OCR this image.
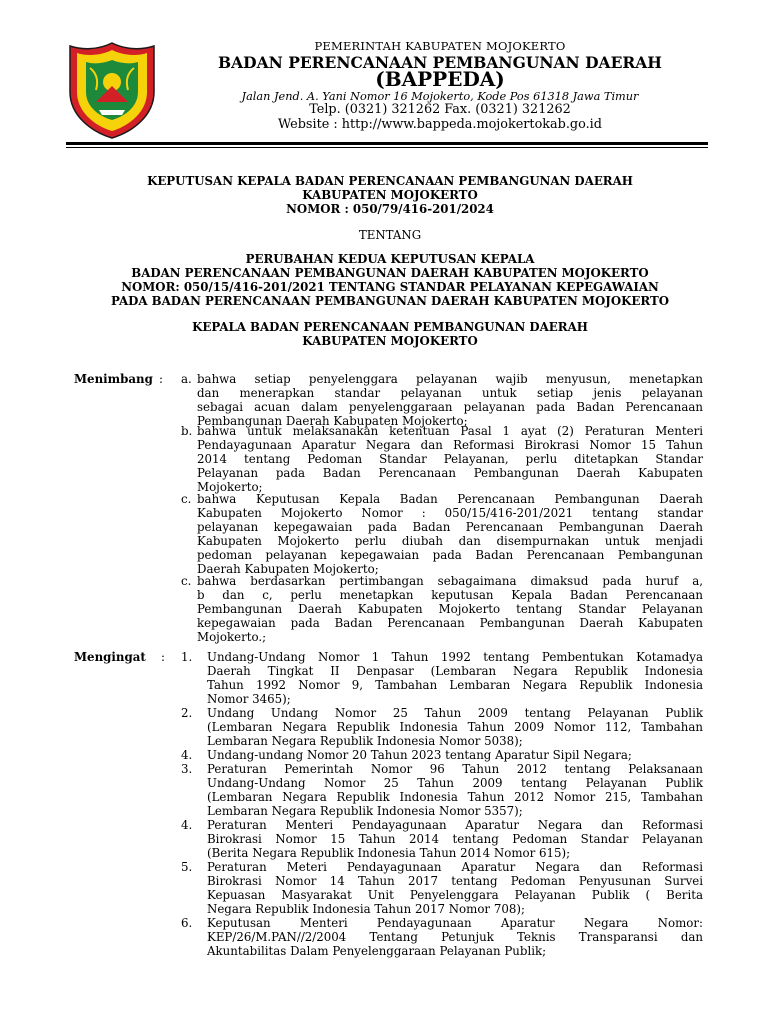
PEMERINTAH KABUPATEN MOJOKERTO
BADAN PERENCANAAN PEMBANGUNAN DAERAH
(BAPPEDA)
Jalan Jend. A. Yani Nomor 16 Mojokerto, Kode Pos 61318 Jawa Timur
Telp. (0321) 321262 Fax. (0321) 321262
Website : http://www.bappeda.mojokertokab.go.id
KEPUTUSAN KEPALA BADAN PERENCANAAN PEMBANGUNAN DAERAH
KABUPATEN MOJOKERTO
NOMOR : 050/79/416-201/2024
TENTANG
PERUBAHAN KEDUA KEPUTUSAN KEPALA
BADAN PERENCANAAN PEMBANGUNAN DAERAH KABUPATEN MOJOKERTO
NOMOR: 050/15/416-201/2021 TENTANG STANDAR PELAYANAN KEPEGAWAIAN
PADA BADAN PERENCANAAN PEMBANGUNAN DAERAH KABUPATEN MOJOKERTO
KEPALA BADAN PERENCANAAN PEMBANGUNAN DAERAH
KABUPATEN MOJOKERTO
Menimbang : a. bahwa setiap penyelenggara pelayanan wajib menyusun, menetapkan
dan menerapkan standar pelayanan untuk setiap jenis pelayanan
sebagai acuan dalam penyelenggaraan pelayanan pada Badan Perencanaan
Pembangunan Daerah Kabupaten Mojokerto;
b. bahwa untuk melaksanakan ketentuan Pasal 1 ayat (2) Peraturan Menteri
Pendayagunaan Aparatur Negara dan Reformasi Birokrasi Nomor 15 Tahun
2014 tentang Pedoman Standar Pelayanan, perlu ditetapkan Standar
Pelayanan pada Badan Perencanaan Pembangunan Daerah Kabupaten
Mojokerto;
c. bahwa Keputusan Kepala Badan Perencanaan Pembangunan Daerah
Kabupaten Mojokerto Nomor : 050/15/416-201/2021 tentang standar
pelayanan kepegawaian pada Badan Perencanaan Pembangunan Daerah
Kabupaten Mojokerto perlu diubah dan disempurnakan untuk menjadi
pedoman pelayanan kepegawaian pada Badan Perencanaan Pembangunan
Daerah Kabupaten Mojokerto;
c. bahwa berdasarkan pertimbangan sebagaimana dimaksud pada huruf a,
b dan c, perlu menetapkan keputusan Kepala Badan Perencanaan
Pembangunan Daerah Kabupaten Mojokerto tentang Standar Pelayanan
kepegawaian pada Badan Perencanaan Pembangunan Daerah Kabupaten
Mojokerto.;
Mengingat : 1. Undang-Undang Nomor 1 Tahun 1992 tentang Pembentukan Kotamadya
Daerah Tingkat II Denpasar (Lembaran Negara Republik Indonesia
Tahun 1992 Nomor 9, Tambahan Lembaran Negara Republik Indonesia
Nomor 3465);
2. Undang Undang Nomor 25 Tahun 2009 tentang Pelayanan Publik
(Lembaran Negara Republik Indonesia Tahun 2009 Nomor 112, Tambahan
Lembaran Negara Republik Indonesia Nomor 5038);
4. Undang-undang Nomor 20 Tahun 2023 tentang Aparatur Sipil Negara;
3. Peraturan Pemerintah Nomor 96 Tahun 2012 tentang Pelaksanaan
Undang-Undang Nomor 25 Tahun 2009 tentang Pelayanan Publik
(Lembaran Negara Republik Indonesia Tahun 2012 Nomor 215, Tambahan
Lembaran Negara Republik Indonesia Nomor 5357);
4. Peraturan Menteri Pendayagunaan Aparatur Negara dan Reformasi
Birokrasi Nomor 15 Tahun 2014 tentang Pedoman Standar Pelayanan
(Berita Negara Republik Indonesia Tahun 2014 Nomor 615);
5. Peraturan Meteri Pendayagunaan Aparatur Negara dan Reformasi
Birokrasi Nomor 14 Tahun 2017 tentang Pedoman Penyusunan Survei
Kepuasan Masyarakat Unit Penyelenggara Pelayanan Publik ( Berita
Negara Republik Indonesia Tahun 2017 Nomor 708);
6. Keputusan Menteri Pendayagunaan Aparatur Negara Nomor:
KEP/26/M.PAN//2/2004 Tentang Petunjuk Teknis Transparansi dan
Akuntabilitas Dalam Penyelenggaraan Pelayanan Publik;
